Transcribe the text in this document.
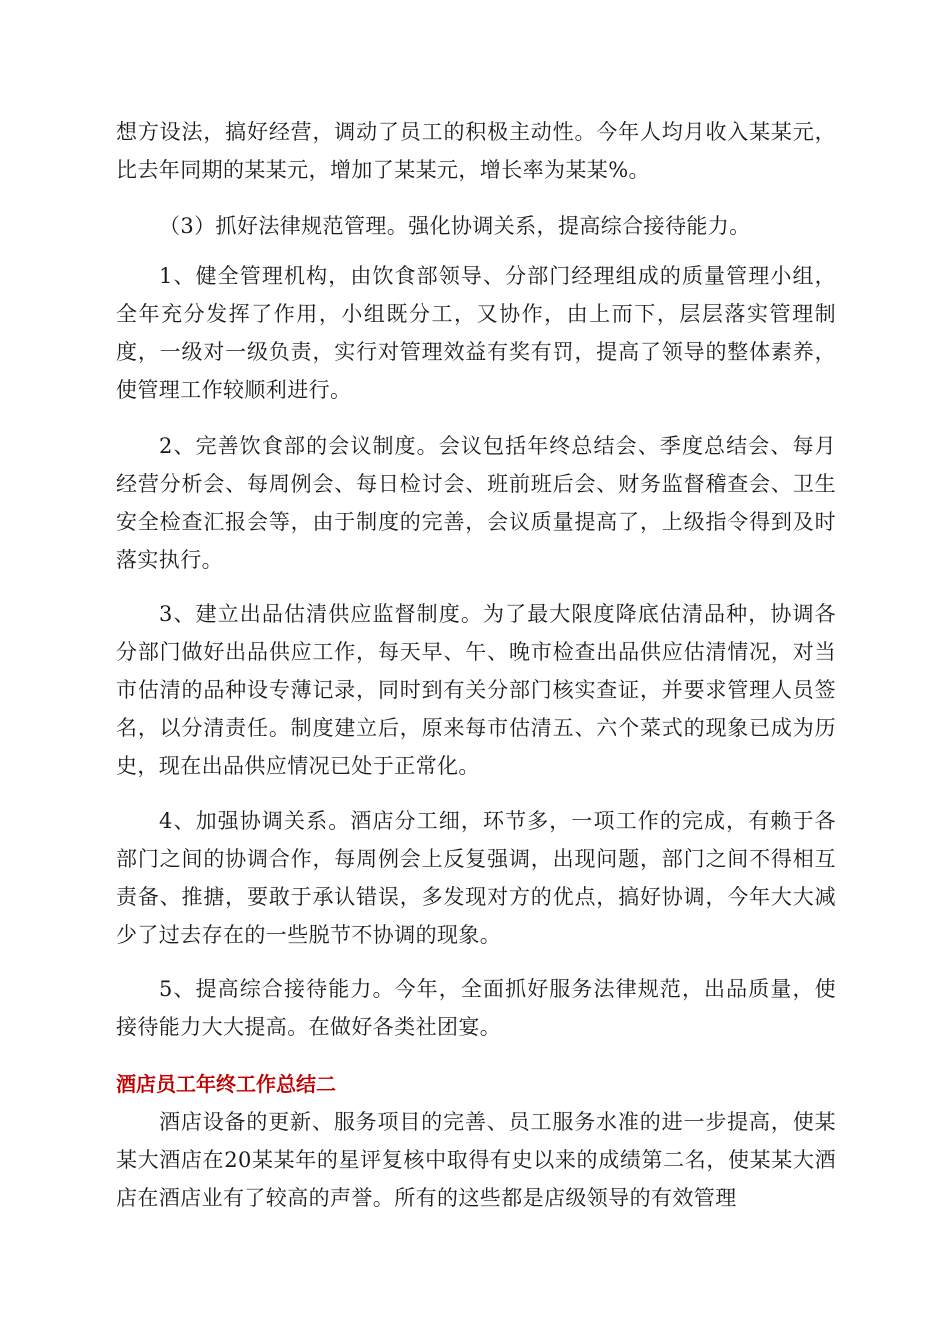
想方设法，搞好经营，调动了员工的积极主动性。今年人均月收入某某元，比去年同期的某某元，增加了某某元，增长率为某某%。

（3）抓好法律规范管理。强化协调关系，提高综合接待能力。

1、健全管理机构，由饮食部领导、分部门经理组成的质量管理小组，全年充分发挥了作用，小组既分工，又协作，由上而下，层层落实管理制度，一级对一级负责，实行对管理效益有奖有罚，提高了领导的整体素养，使管理工作较顺利进行。

2、完善饮食部的会议制度。会议包括年终总结会、季度总结会、每月经营分析会、每周例会、每日检讨会、班前班后会、财务监督稽查会、卫生安全检查汇报会等，由于制度的完善，会议质量提高了，上级指令得到及时落实执行。

3、建立出品估清供应监督制度。为了最大限度降底估清品种，协调各分部门做好出品供应工作，每天早、午、晚市检查出品供应估清情况，对当市估清的品种设专薄记录，同时到有关分部门核实查证，并要求管理人员签名，以分清责任。制度建立后，原来每市估清五、六个菜式的现象已成为历史，现在出品供应情况已处于正常化。

4、加强协调关系。酒店分工细，环节多，一项工作的完成，有赖于各部门之间的协调合作，每周例会上反复强调，出现问题，部门之间不得相互责备、推搪，要敢于承认错误，多发现对方的优点，搞好协调，今年大大减少了过去存在的一些脱节不协调的现象。

5、提高综合接待能力。今年，全面抓好服务法律规范，出品质量，使接待能力大大提高。在做好各类社团宴。

酒店员工年终工作总结二

酒店设备的更新、服务项目的完善、员工服务水准的进一步提高，使某某大酒店在20某某年的星评复核中取得有史以来的成绩第二名，使某某大酒店在酒店业有了较高的声誉。所有的这些都是店级领导的有效管理
